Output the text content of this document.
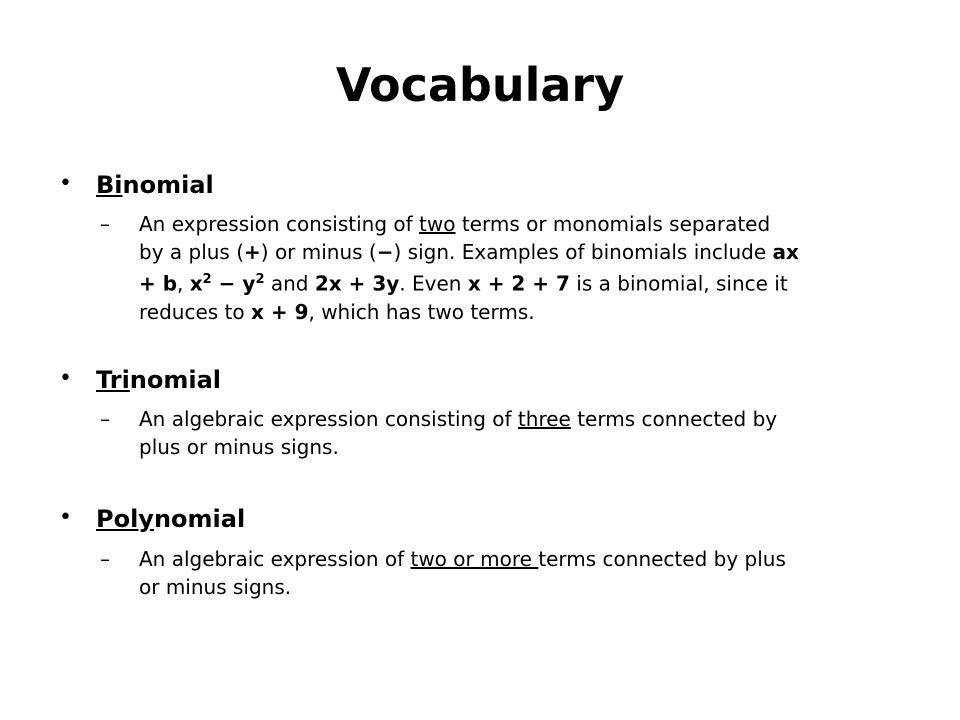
Vocabulary
• Binomial
– An expression consisting of two terms or monomials separated
by a plus (+) or minus (−) sign. Examples of binomials include ax
+ b, $x^2 - y^2$ and 2x + 3y. Even x + 2 + 7 is a binomial, since it
reduces to x + 9, which has two terms.
• Trinomial
– An algebraic expression consisting of three terms connected by
plus or minus signs.
• Polynomial
– An algebraic expression of two or more terms connected by plus
or minus signs.
